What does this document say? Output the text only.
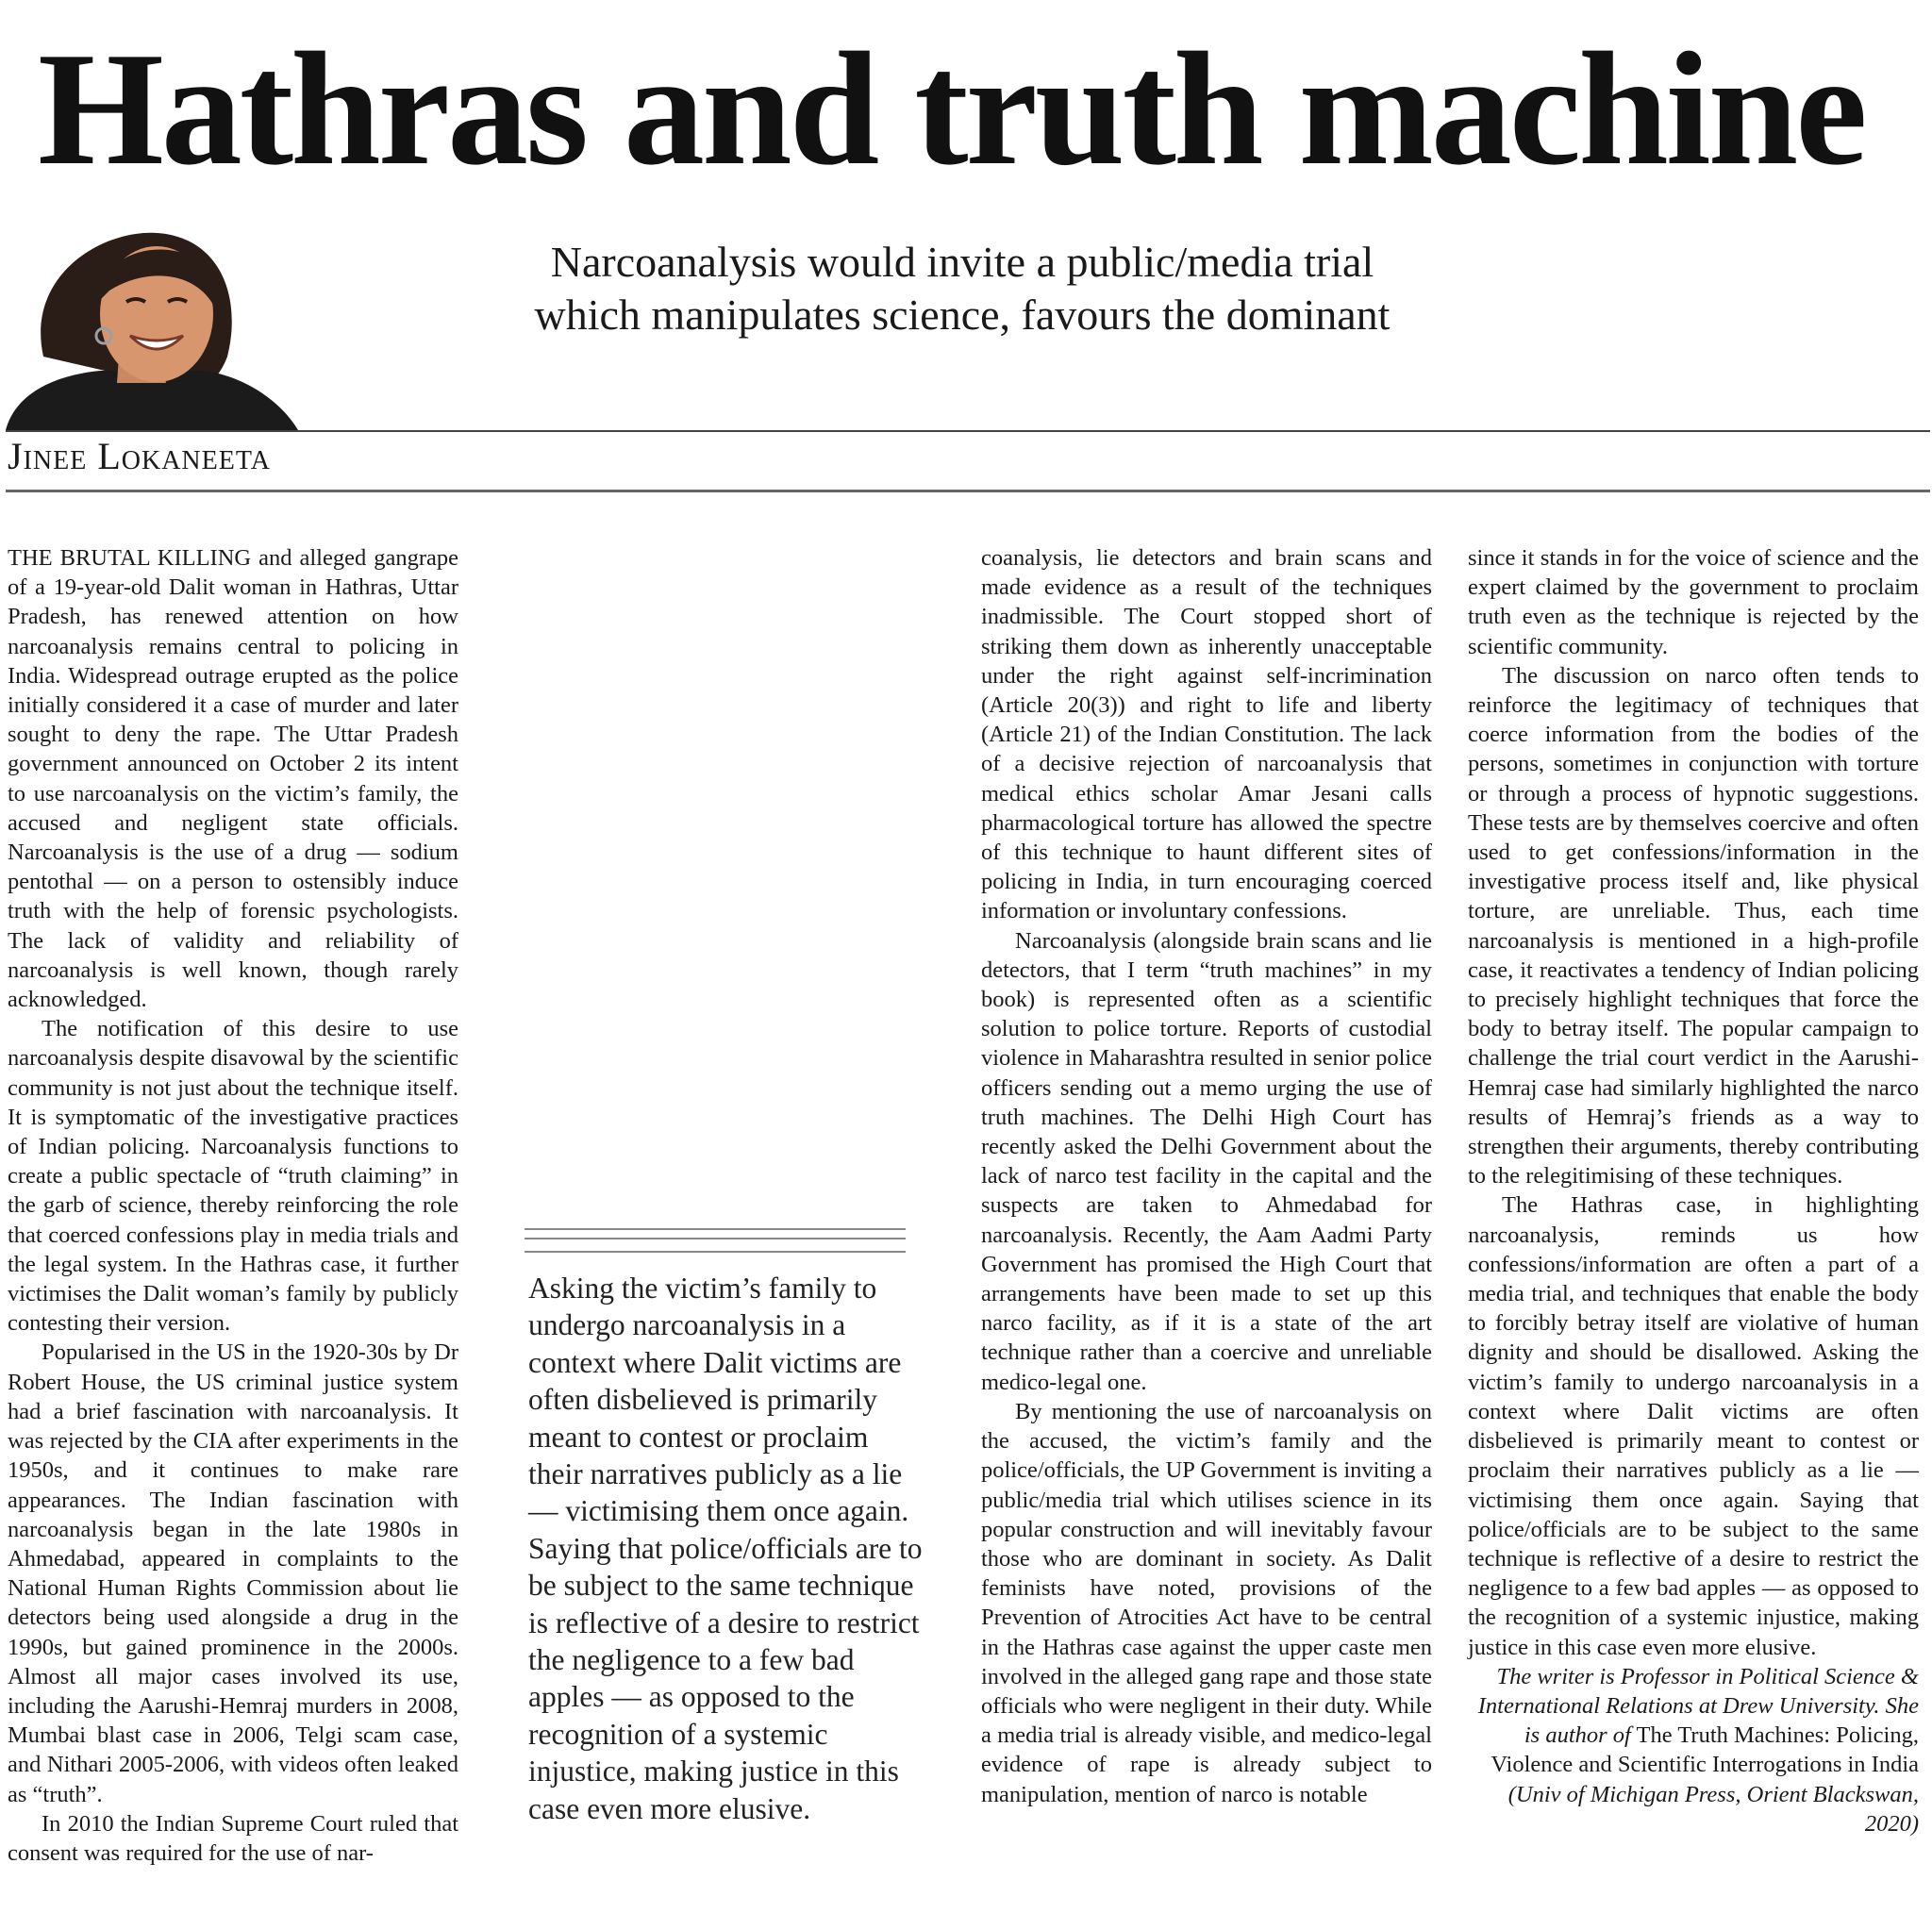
Hathras and truth machine
Narcoanalysis would invite a public/media trial
which manipulates science, favours the dominant
Jinee Lokaneeta

THE BRUTAL KILLING and alleged gangrape of a 19-year-old Dalit woman in Hathras, Uttar Pradesh, has renewed attention on how narcoanalysis remains central to policing in India. Widespread outrage erupted as the police initially considered it a case of murder and later sought to deny the rape. The Uttar Pradesh government announced on October 2 its intent to use narcoanalysis on the victim’s family, the accused and negligent state officials. Narcoanalysis is the use of a drug — sodium pentothal — on a person to ostensibly induce truth with the help of forensic psychologists. The lack of validity and reliability of narcoanalysis is well known, though rarely acknowledged.

The notification of this desire to use narcoanalysis despite disavowal by the scientific community is not just about the technique itself. It is symptomatic of the investigative practices of Indian policing. Narcoanalysis functions to create a public spectacle of “truth claiming” in the garb of science, thereby reinforcing the role that coerced confessions play in media trials and the legal system. In the Hathras case, it further victimises the Dalit woman’s family by publicly contesting their version.

Popularised in the US in the 1920-30s by Dr Robert House, the US criminal justice system had a brief fascination with narcoanalysis. It was rejected by the CIA after experiments in the 1950s, and it continues to make rare appearances. The Indian fascination with narcoanalysis began in the late 1980s in Ahmedabad, appeared in complaints to the National Human Rights Commission about lie detectors being used alongside a drug in the 1990s, but gained prominence in the 2000s. Almost all major cases involved its use, including the Aarushi-Hemraj murders in 2008, Mumbai blast case in 2006, Telgi scam case, and Nithari 2005-2006, with videos often leaked as “truth”.

In 2010 the Indian Supreme Court ruled that consent was required for the use of nar-

Asking the victim’s family to undergo narcoanalysis in a context where Dalit victims are often disbelieved is primarily meant to contest or proclaim their narratives publicly as a lie — victimising them once again. Saying that police/officials are to be subject to the same technique is reflective of a desire to restrict the negligence to a few bad apples — as opposed to the recognition of a systemic injustice, making justice in this case even more elusive.

coanalysis, lie detectors and brain scans and made evidence as a result of the techniques inadmissible. The Court stopped short of striking them down as inherently unacceptable under the right against self-incrimination (Article 20(3)) and right to life and liberty (Article 21) of the Indian Constitution. The lack of a decisive rejection of narcoanalysis that medical ethics scholar Amar Jesani calls pharmacological torture has allowed the spectre of this technique to haunt different sites of policing in India, in turn encouraging coerced information or involuntary confessions.

Narcoanalysis (alongside brain scans and lie detectors, that I term “truth machines” in my book) is represented often as a scientific solution to police torture. Reports of custodial violence in Maharashtra resulted in senior police officers sending out a memo urging the use of truth machines. The Delhi High Court has recently asked the Delhi Government about the lack of narco test facility in the capital and the suspects are taken to Ahmedabad for narcoanalysis. Recently, the Aam Aadmi Party Government has promised the High Court that arrangements have been made to set up this narco facility, as if it is a state of the art technique rather than a coercive and unreliable medico-legal one.

By mentioning the use of narcoanalysis on the accused, the victim’s family and the police/officials, the UP Government is inviting a public/media trial which utilises science in its popular construction and will inevitably favour those who are dominant in society. As Dalit feminists have noted, provisions of the Prevention of Atrocities Act have to be central in the Hathras case against the upper caste men involved in the alleged gang rape and those state officials who were negligent in their duty. While a media trial is already visible, and medico-legal evidence of rape is already subject to manipulation, mention of narco is notable

since it stands in for the voice of science and the expert claimed by the government to proclaim truth even as the technique is rejected by the scientific community.

The discussion on narco often tends to reinforce the legitimacy of techniques that coerce information from the bodies of the persons, sometimes in conjunction with torture or through a process of hypnotic suggestions. These tests are by themselves coercive and often used to get confessions/information in the investigative process itself and, like physical torture, are unreliable. Thus, each time narcoanalysis is mentioned in a high-profile case, it reactivates a tendency of Indian policing to precisely highlight techniques that force the body to betray itself. The popular campaign to challenge the trial court verdict in the Aarushi-Hemraj case had similarly highlighted the narco results of Hemraj’s friends as a way to strengthen their arguments, thereby contributing to the relegitimising of these techniques.

The Hathras case, in highlighting narcoanalysis, reminds us how confessions/information are often a part of a media trial, and techniques that enable the body to forcibly betray itself are violative of human dignity and should be disallowed. Asking the victim’s family to undergo narcoanalysis in a context where Dalit victims are often disbelieved is primarily meant to contest or proclaim their narratives publicly as a lie — victimising them once again. Saying that police/officials are to be subject to the same technique is reflective of a desire to restrict the negligence to a few bad apples — as opposed to the recognition of a systemic injustice, making justice in this case even more elusive.

The writer is Professor in Political Science & International Relations at Drew University. She is author of The Truth Machines: Policing, Violence and Scientific Interrogations in India (Univ of Michigan Press, Orient Blackswan, 2020)
